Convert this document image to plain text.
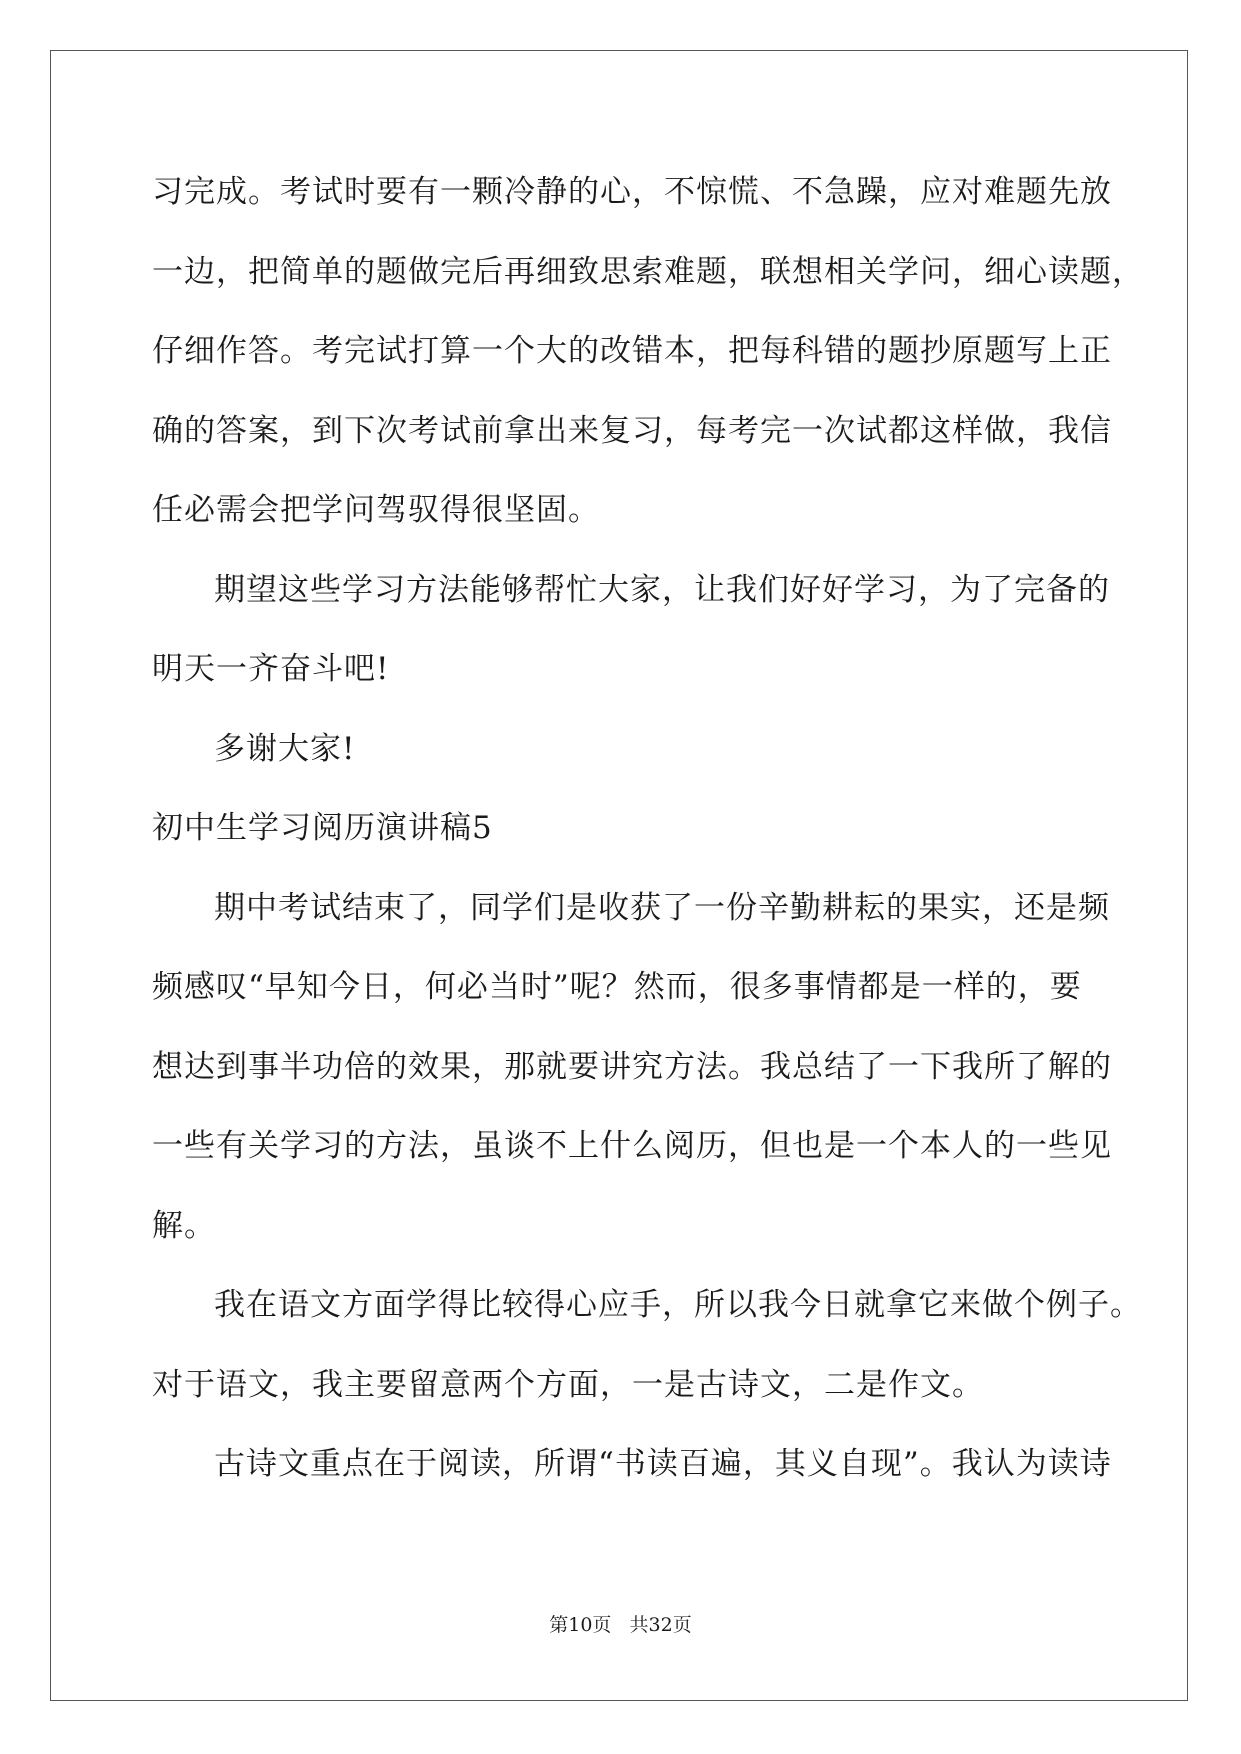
习完成。考试时要有一颗冷静的心，不惊慌、不急躁，应对难题先放
一边，把简单的题做完后再细致思索难题，联想相关学问，细心读题，
仔细作答。考完试打算一个大的改错本，把每科错的题抄原题写上正
确的答案，到下次考试前拿出来复习，每考完一次试都这样做，我信
任必需会把学问驾驭得很坚固。
期望这些学习方法能够帮忙大家，让我们好好学习，为了完备的
明天一齐奋斗吧!
多谢大家!
初中生学习阅历演讲稿5
期中考试结束了，同学们是收获了一份辛勤耕耘的果实，还是频
频感叹“早知今日，何必当时”呢？然而，很多事情都是一样的，要
想达到事半功倍的效果，那就要讲究方法。我总结了一下我所了解的
一些有关学习的方法，虽谈不上什么阅历，但也是一个本人的一些见
解。
我在语文方面学得比较得心应手，所以我今日就拿它来做个例子。
对于语文，我主要留意两个方面，一是古诗文，二是作文。
古诗文重点在于阅读，所谓“书读百遍，其义自现”。我认为读诗
第10页   共32页
